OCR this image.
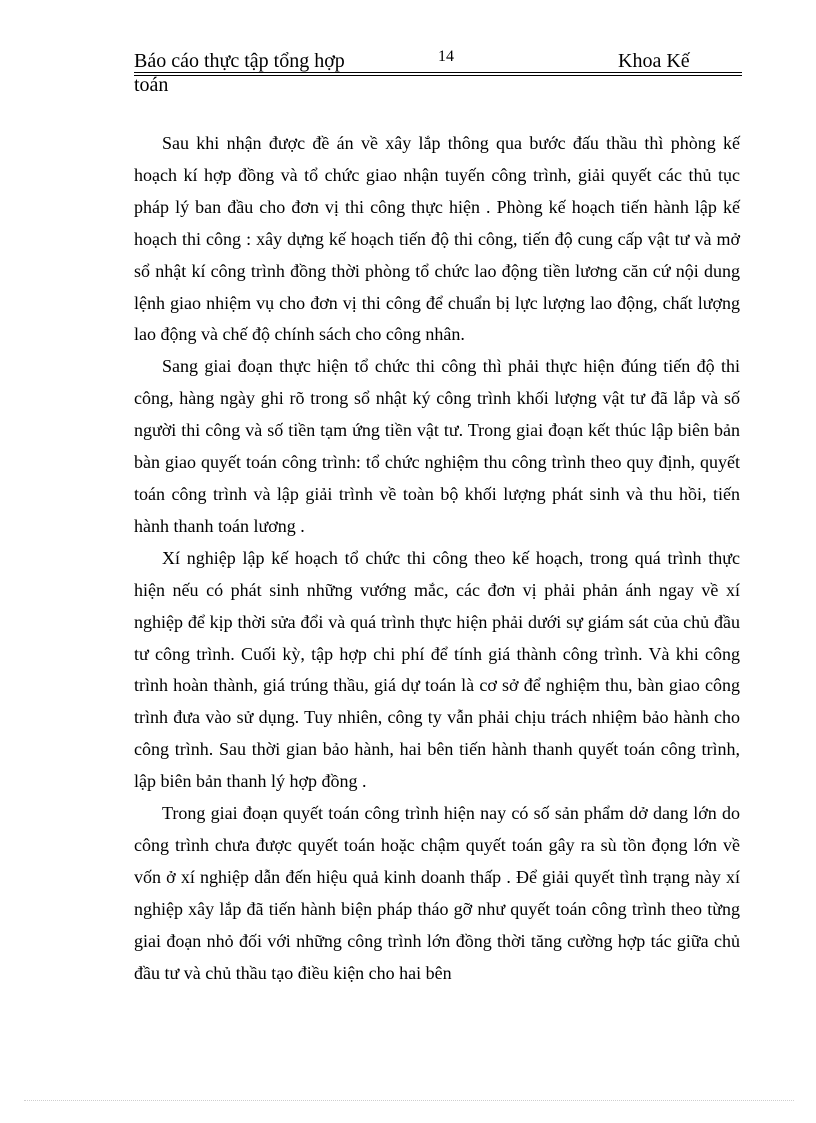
Báo cáo thực tập tổng hợp	14	Khoa Kế
toán

Sau khi nhận được đề án về xây lắp thông qua bước đấu thầu thì phòng kế hoạch kí hợp đồng và tổ chức giao nhận tuyến công trình, giải quyết các thủ tục pháp lý ban đầu cho đơn vị thi công thực hiện . Phòng kế hoạch tiến hành lập kế hoạch thi công : xây dựng kế hoạch tiến độ thi công, tiến độ cung cấp vật tư và mở sổ nhật kí công trình đồng thời phòng tổ chức lao động tiền lương căn cứ nội dung lệnh giao nhiệm vụ cho đơn vị thi công để chuẩn bị lực lượng lao động, chất lượng lao động và chế độ chính sách cho công nhân.

Sang giai đoạn thực hiện tổ chức thi công thì phải thực hiện đúng tiến độ thi công, hàng ngày ghi rõ trong sổ nhật ký công trình khối lượng vật tư đã lắp và số người thi công và số tiền tạm ứng tiền vật tư. Trong giai đoạn kết thúc lập biên bản bàn giao quyết toán công trình: tổ chức nghiệm thu công trình theo quy định, quyết toán công trình và lập giải trình về toàn bộ khối lượng phát sinh và thu hồi, tiến hành thanh toán lương .

Xí nghiệp lập kế hoạch tổ chức thi công theo kế hoạch, trong quá trình thực hiện nếu có phát sinh những vướng mắc, các đơn vị phải phản ánh ngay về xí nghiệp để kịp thời sửa đổi và quá trình thực hiện phải dưới sự giám sát của chủ đầu tư công trình. Cuối kỳ, tập hợp chi phí để tính giá thành công trình. Và khi công trình hoàn thành, giá trúng thầu, giá dự toán là cơ sở để nghiệm thu, bàn giao công trình đưa vào sử dụng. Tuy nhiên, công ty vẫn phải chịu trách nhiệm bảo hành cho công trình. Sau thời gian bảo hành, hai bên tiến hành thanh quyết toán công trình, lập biên bản thanh lý hợp đồng .

Trong giai đoạn quyết toán công trình hiện nay có số sản phẩm dở dang lớn do công trình chưa được quyết toán hoặc chậm quyết toán gây ra sù tồn đọng lớn về vốn ở xí nghiệp dẫn đến hiệu quả kinh doanh thấp . Để giải quyết tình trạng này xí nghiệp xây lắp đã tiến hành biện pháp tháo gỡ như quyết toán công trình theo từng giai đoạn nhỏ đối với những công trình lớn đồng thời tăng cường hợp tác giữa chủ đầu tư và chủ thầu tạo điều kiện cho hai bên
